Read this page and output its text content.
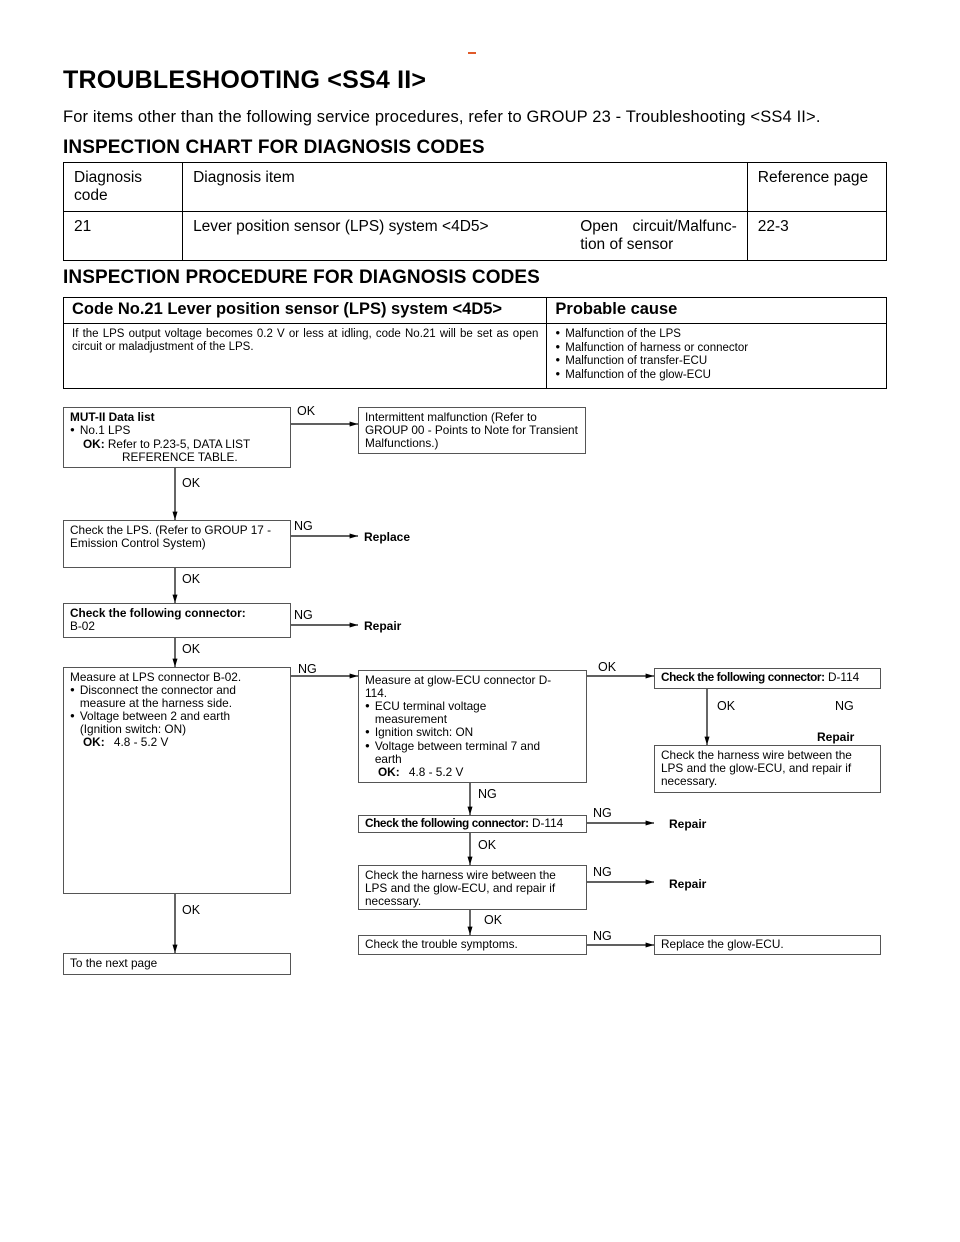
TROUBLESHOOTING <SS4 II>
For items other than the following service procedures, refer to GROUP 23 - Troubleshooting <SS4 II>.
INSPECTION CHART FOR DIAGNOSIS CODES
Diagnosis code	Diagnosis item		Reference page
21	Lever position sensor (LPS) system <4D5>	Open circuit/Malfunc- tion of sensor	22-3
INSPECTION PROCEDURE FOR DIAGNOSIS CODES
Code No.21 Lever position sensor (LPS) system <4D5>	Probable cause
If the LPS output voltage becomes 0.2 V or less at idling, code No.21 will be set as open circuit or maladjustment of the LPS.	● Malfunction of the LPS
● Malfunction of harness or connector
● Malfunction of transfer-ECU
● Malfunction of the glow-ECU
MUT-II Data list
● No.1 LPS

OK: Refer to P.23-5, DATA LIST
REFERENCE TABLE.
OK	Intermittent malfunction (Refer to GROUP 00 - Points to Note for Transient Malfunctions.)
OK
Check the LPS. (Refer to GROUP 17 - Emission Control System)
NG
Replace
OK
Check the following connector:
B-02
NG
Repair
OK
Measure at LPS connector B-02.
● Disconnect the connector and measure at the harness side.
● Voltage between 2 and earth (Ignition switch: ON)
OK: 4.8 - 5.2 V
NG
Measure at glow-ECU connector D-114.
● ECU terminal voltage measurement
● Ignition switch: ON
● Voltage between terminal 7 and earth
OK: 4.8 - 5.2 V
OK
Check the following connector: D-114
OK	NG
Repair
Check the harness wire between the LPS and the glow-ECU, and repair if necessary.
NG
Check the following connector: D-114
NG
Repair
OK
Check the harness wire between the LPS and the glow-ECU, and repair if necessary.
NG
Repair
OK
OK
Check the trouble symptoms.
NG
Replace the glow-ECU.
To the next page
